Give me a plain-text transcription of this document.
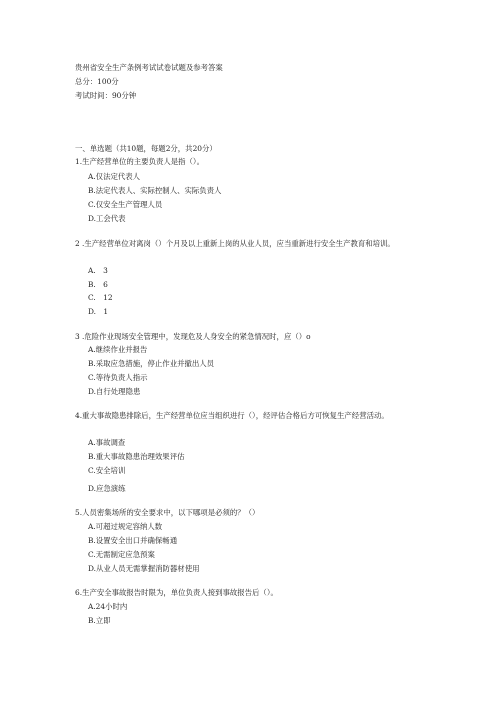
贵州省安全生产条例考试试卷试题及参考答案
总分：100分
考试时间：90分钟
一、单选题（共10题，每题2分，共20分）
1.生产经营单位的主要负责人是指（）。
A.仅法定代表人
B.法定代表人、实际控制人、实际负责人
C.仅安全生产管理人员
D.工会代表
2 .生产经营单位对离岗（）个月及以上重新上岗的从业人员，应当重新进行安全生产教育和培训。
A.　3
B.　6
C.　12
D.　1
3 .危险作业现场安全管理中，发现危及人身安全的紧急情况时，应（）o
A.继续作业并报告
B.采取应急措施，停止作业并撤出人员
C.等待负责人指示
D.自行处理隐患
4.重大事故隐患排除后，生产经营单位应当组织进行（），经评估合格后方可恢复生产经营活动。
A.事故调查
B.重大事故隐患治理效果评估
C.安全培训
D.应急演练
5.人员密集场所的安全要求中，以下哪项是必须的？（）
A.可超过规定容纳人数
B.设置安全出口并确保畅通
C.无需制定应急预案
D.从业人员无需掌握消防器材使用
6.生产安全事故报告时限为，单位负责人接到事故报告后（）。
A.24小时内
B.立即
